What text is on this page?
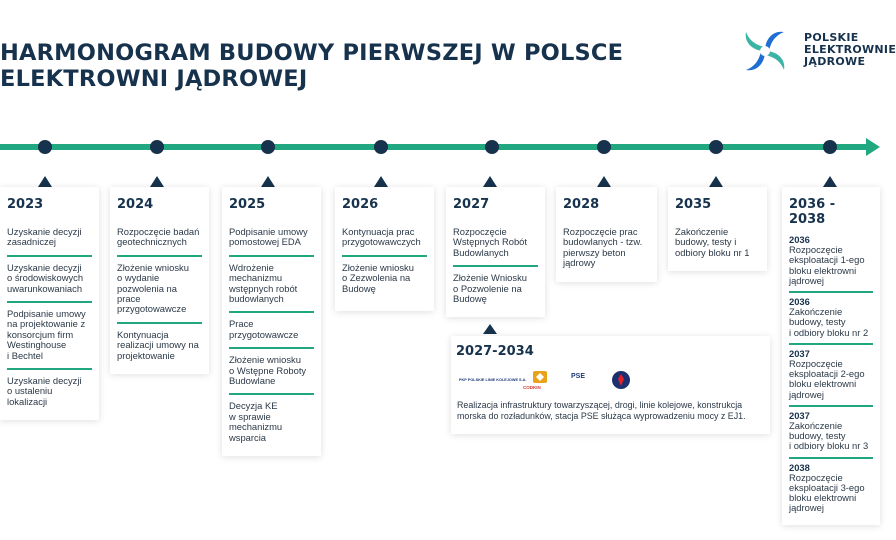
HARMONOGRAM BUDOWY PIERWSZEJ W POLSCE
ELEKTROWNI JĄDROWEJ
POLSKIE
ELEKTROWNIE
JĄDROWE
2023
Uzyskanie decyzji
zasadniczej
Uzyskanie decyzji
o środowiskowych
uwarunkowaniach
Podpisanie umowy
na projektowanie z
konsorcjum firm
Westinghouse
i Bechtel
Uzyskanie decyzji
o ustaleniu
lokalizacji
2024
Rozpoczęcie badań
geotechnicznych
Złożenie wniosku
o wydanie
pozwolenia na
prace
przygotowawcze
Kontynuacja
realizacji umowy na
projektowanie
2025
Podpisanie umowy
pomostowej EDA
Wdrożenie
mechanizmu
wstępnych robót
budowlanych
Prace
przygotowawcze
Złożenie wniosku
o Wstępne Roboty
Budowlane
Decyzja KE
w sprawie
mechanizmu
wsparcia
2026
Kontynuacja prac
przygotowawczych
Złożenie wniosku
o Zezwolenia na
Budowę
2027
Rozpoczęcie
Wstępnych Robót
Budowlanych
Złożenie Wniosku
o Pozwolenie na
Budowę
2028
Rozpoczęcie prac
budowlanych - tzw.
pierwszy beton
jądrowy
2035
Zakończenie
budowy, testy i
odbiory bloku nr 1
2036 - 2038
2036
Rozpoczęcie
eksploatacji 1-ego
bloku elektrowni
jądrowej
2036
Zakończenie
budowy, testy
i odbiory bloku nr 2
2037
Rozpoczęcie
eksploatacji 2-ego
bloku elektrowni
jądrowej
2037
Zakończenie
budowy, testy
i odbiory bloku nr 3
2038
Rozpoczęcie
eksploatacji 3-ego
bloku elektrowni
jądrowej
2027-2034
PKP POLSKIE LINIE KOLEJOWE S.A.
CODKIN
PSE
Realizacja infrastruktury towarzyszącej, drogi, linie kolejowe, konstrukcja morska do rozładunków, stacja PSE służąca wyprowadzeniu mocy z EJ1.
